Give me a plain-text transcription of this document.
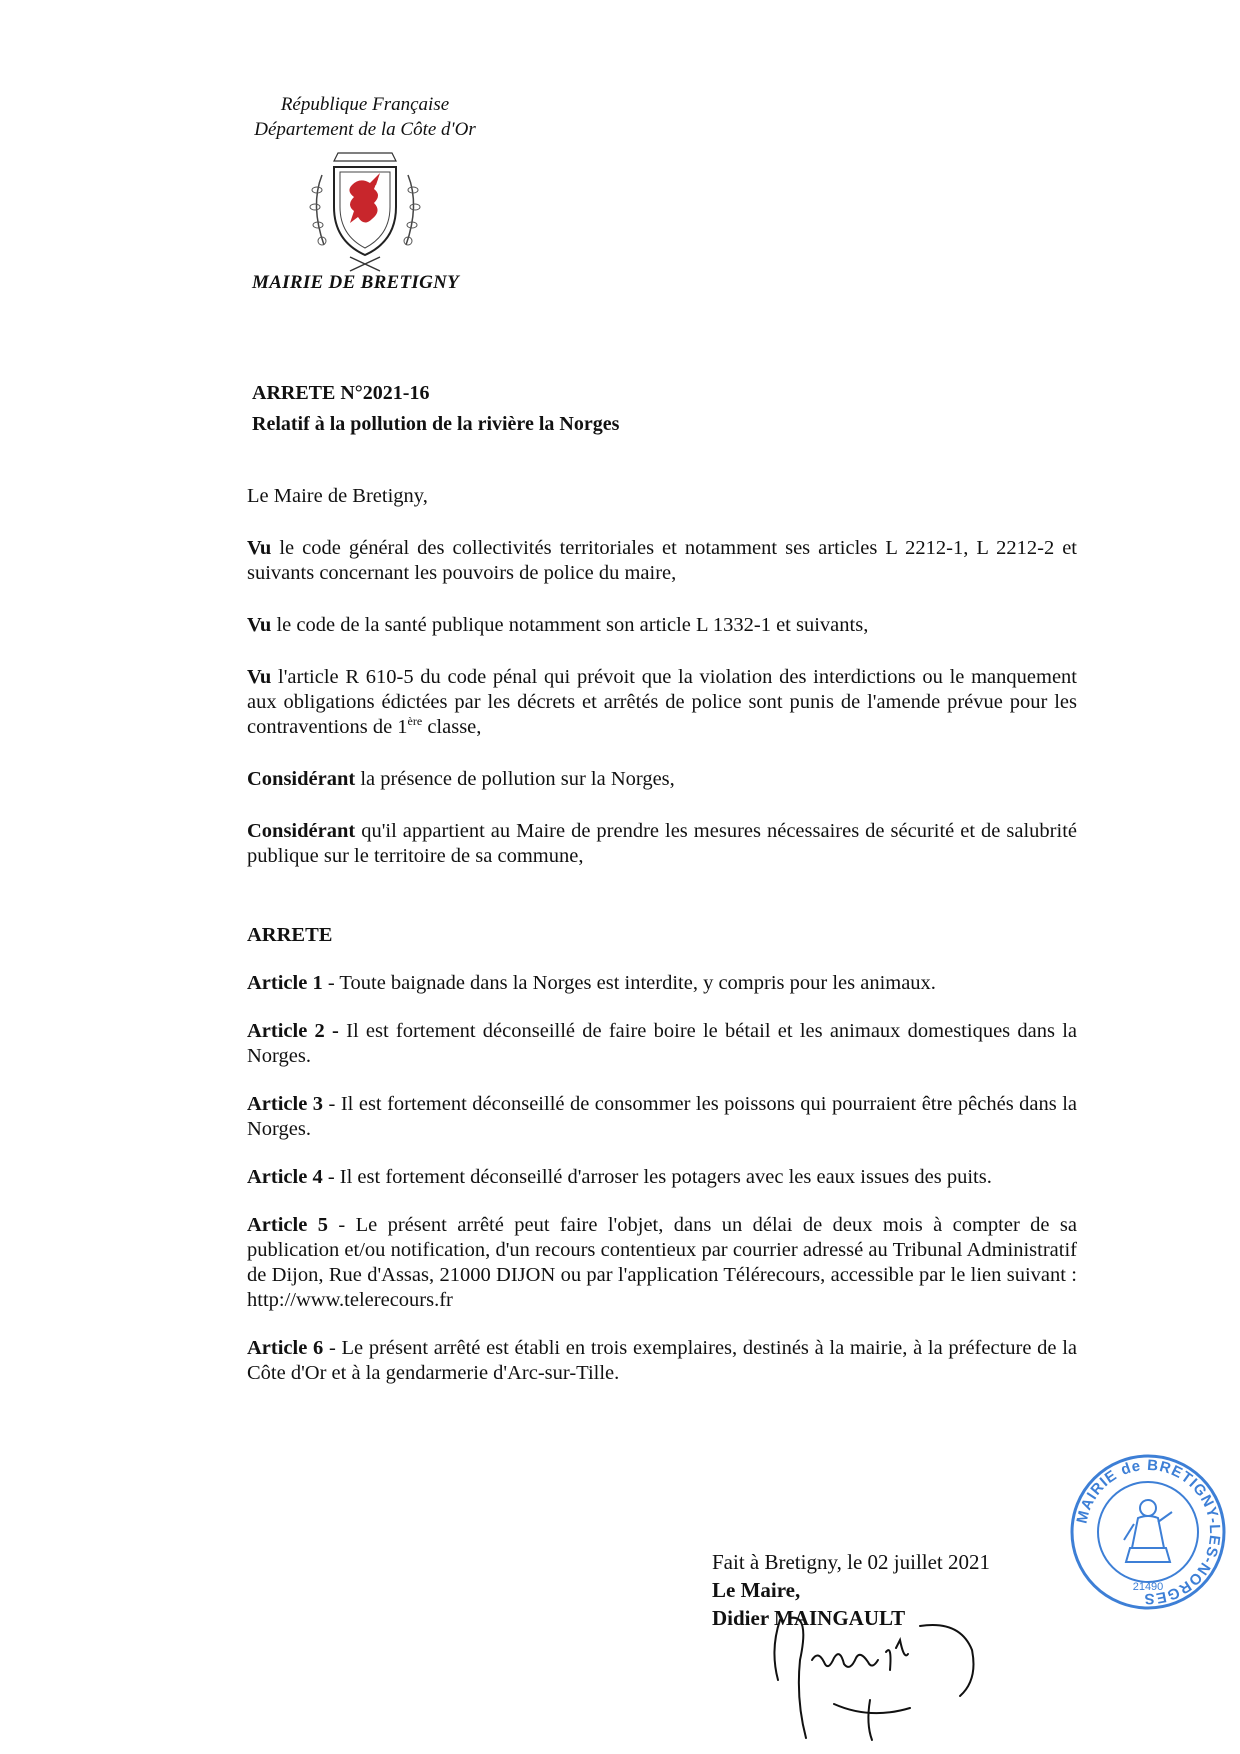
République Française
Département de la Côte d'Or
MAIRIE DE BRETIGNY
ARRETE N°2021-16
Relatif à la pollution de la rivière la Norges

Le Maire de Bretigny,

Vu le code général des collectivités territoriales et notamment ses articles L 2212-1, L 2212-2 et suivants concernant les pouvoirs de police du maire,

Vu le code de la santé publique notamment son article L 1332-1 et suivants,

Vu l'article R 610-5 du code pénal qui prévoit que la violation des interdictions ou le manquement aux obligations édictées par les décrets et arrêtés de police sont punis de l'amende prévue pour les contraventions de 1ère classe,

Considérant la présence de pollution sur la Norges,

Considérant qu'il appartient au Maire de prendre les mesures nécessaires de sécurité et de salubrité publique sur le territoire de sa commune,

ARRETE

Article 1 - Toute baignade dans la Norges est interdite, y compris pour les animaux.

Article 2 - Il est fortement déconseillé de faire boire le bétail et les animaux domestiques dans la Norges.

Article 3 - Il est fortement déconseillé de consommer les poissons qui pourraient être pêchés dans la Norges.

Article 4 - Il est fortement déconseillé d'arroser les potagers avec les eaux issues des puits.

Article 5 - Le présent arrêté peut faire l'objet, dans un délai de deux mois à compter de sa publication et/ou notification, d'un recours contentieux par courrier adressé au Tribunal Administratif de Dijon, Rue d'Assas, 21000 DIJON ou par l'application Télérecours, accessible par le lien suivant : http://www.telerecours.fr

Article 6 - Le présent arrêté est établi en trois exemplaires, destinés à la mairie, à la préfecture de la Côte d'Or et à la gendarmerie d'Arc-sur-Tille.

MAIRIE de BRETIGNY-LES-NORGES
21490
Fait à Bretigny, le 02 juillet 2021
Le Maire,
Didier MAINGAULT
